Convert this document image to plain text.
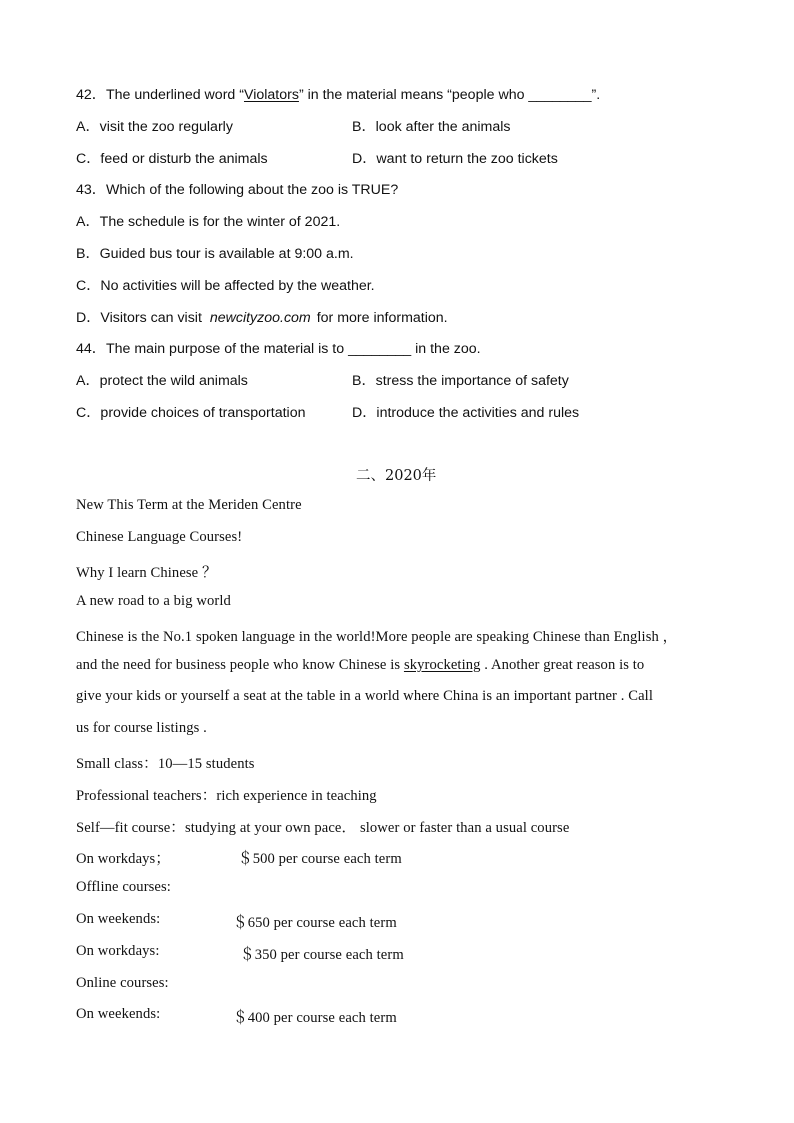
42．The underlined word “Violators” in the material means “people who ________”.
A．visit the zoo regularly	B．look after the animals
C．feed or disturb the animals	D．want to return the zoo tickets
43．Which of the following about the zoo is TRUE?
A．The schedule is for the winter of 2021.
B．Guided bus tour is available at 9:00 a.m.
C．No activities will be affected by the weather.
D．Visitors can visit newcityzoo.com for more information.
44．The main purpose of the material is to ________ in the zoo.
A．protect the wild animals	B．stress the importance of safety
C．provide choices of transportation	D．introduce the activities and rules
二、2020年
New This Term at the Meriden Centre
Chinese Language Courses!
Why I learn Chinese ？
A new road to a big world
Chinese is the No.1 spoken language in the world!More people are speaking Chinese than English ，
and the need for business people who know Chinese is skyrocketing . Another great reason is to
give your kids or yourself a seat at the table in a world where China is an important partner . Call
us for course listings .
Small class：10—15 students
Professional teachers：rich experience in teaching
Self—fit course：studying at your own pace． slower or faster than a usual course
On workdays；	＄500 per course each term
Offline courses:
On weekends:	＄650 per course each term
On workdays:	＄350 per course each term
Online courses:
On weekends:	＄400 per course each term
